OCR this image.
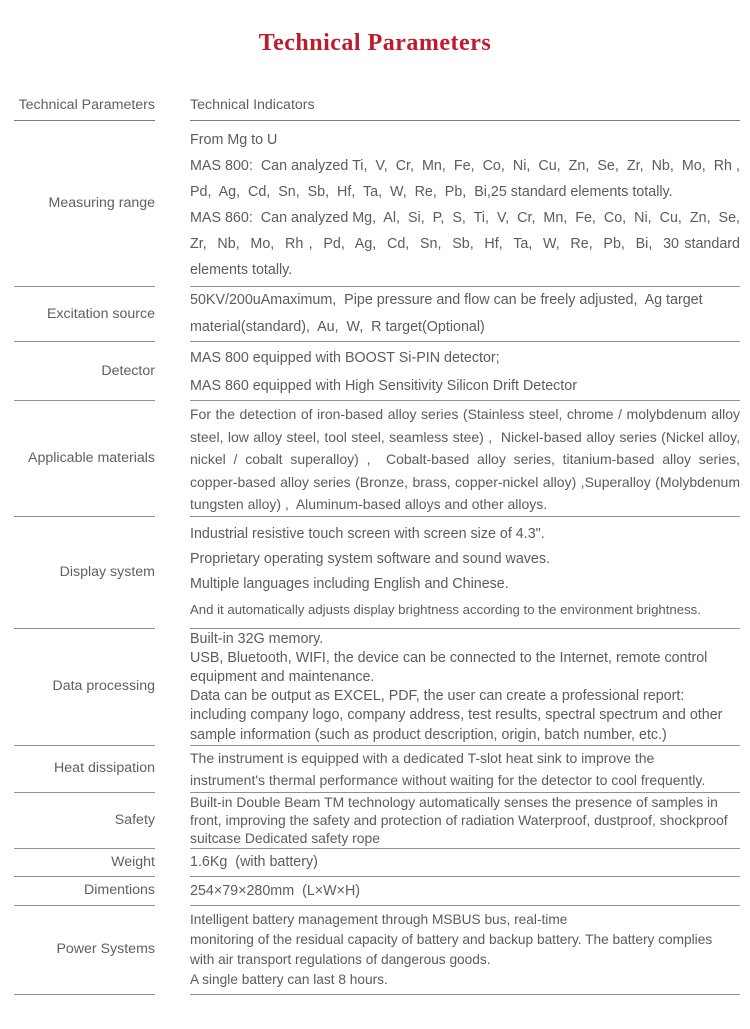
Technical Parameters
Technical Parameters Technical Indicators
Measuring range

From Mg to U

MAS 800:  Can analyzed Ti,  V,  Cr,  Mn,  Fe,  Co,  Ni,  Cu,  Zn,  Se,  Zr,  Nb,  Mo,  Rh ,  Pd,  Ag,  Cd,  Sn,  Sb,  Hf,  Ta,  W,  Re,  Pb,  Bi,25 standard elements totally.

MAS 860:  Can analyzed Mg,  Al,  Si,  P,  S,  Ti,  V,  Cr,  Mn,  Fe,  Co,  Ni,  Cu,  Zn,  Se,  Zr,  Nb,  Mo,  Rh ,  Pd,  Ag,  Cd,  Sn,  Sb,  Hf,  Ta,  W,  Re,  Pb,  Bi,  30 standard elements totally.

Excitation source

50KV/200uAmaximum,  Pipe pressure and flow can be freely adjusted,  Ag target material(standard),  Au,  W,  R target(Optional)

Detector

MAS 800 equipped with BOOST Si-PIN detector;

MAS 860 equipped with High Sensitivity Silicon Drift Detector

Applicable materials

For the detection of iron-based alloy series (Stainless steel, chrome / molybdenum alloy steel, low alloy steel, tool steel, seamless stee) ,  Nickel-based alloy series (Nickel alloy, nickel / cobalt superalloy) ,  Cobalt-based alloy series, titanium-based alloy series, copper-based alloy series (Bronze, brass, copper-nickel alloy) ,Superalloy (Molybdenum tungsten alloy) ,  Aluminum-based alloys and other alloys.

Display system

Industrial resistive touch screen with screen size of 4.3".

Proprietary operating system software and sound waves.

Multiple languages including English and Chinese.

And it automatically adjusts display brightness according to the environment brightness.

Data processing

Built-in 32G memory.

USB, Bluetooth, WIFI, the device can be connected to the Internet, remote control equipment and maintenance.

Data can be output as EXCEL, PDF, the user can create a professional report: including company logo, company address, test results, spectral spectrum and other sample information (such as product description, origin, batch number, etc.)

Heat dissipation

The instrument is equipped with a dedicated T-slot heat sink to improve the

instrument's thermal performance without waiting for the detector to cool frequently.

Safety

Built-in Double Beam TM technology automatically senses the presence of samples in front, improving the safety and protection of radiation Waterproof, dustproof, shockproof suitcase Dedicated safety rope

Weight 1.6Kg  (with battery)

Dimentions 254×79×280mm  (L×W×H)

Power Systems

Intelligent battery management through MSBUS bus, real-time

monitoring of the residual capacity of battery and backup battery. The battery complies with air transport regulations of dangerous goods.

A single battery can last 8 hours.
